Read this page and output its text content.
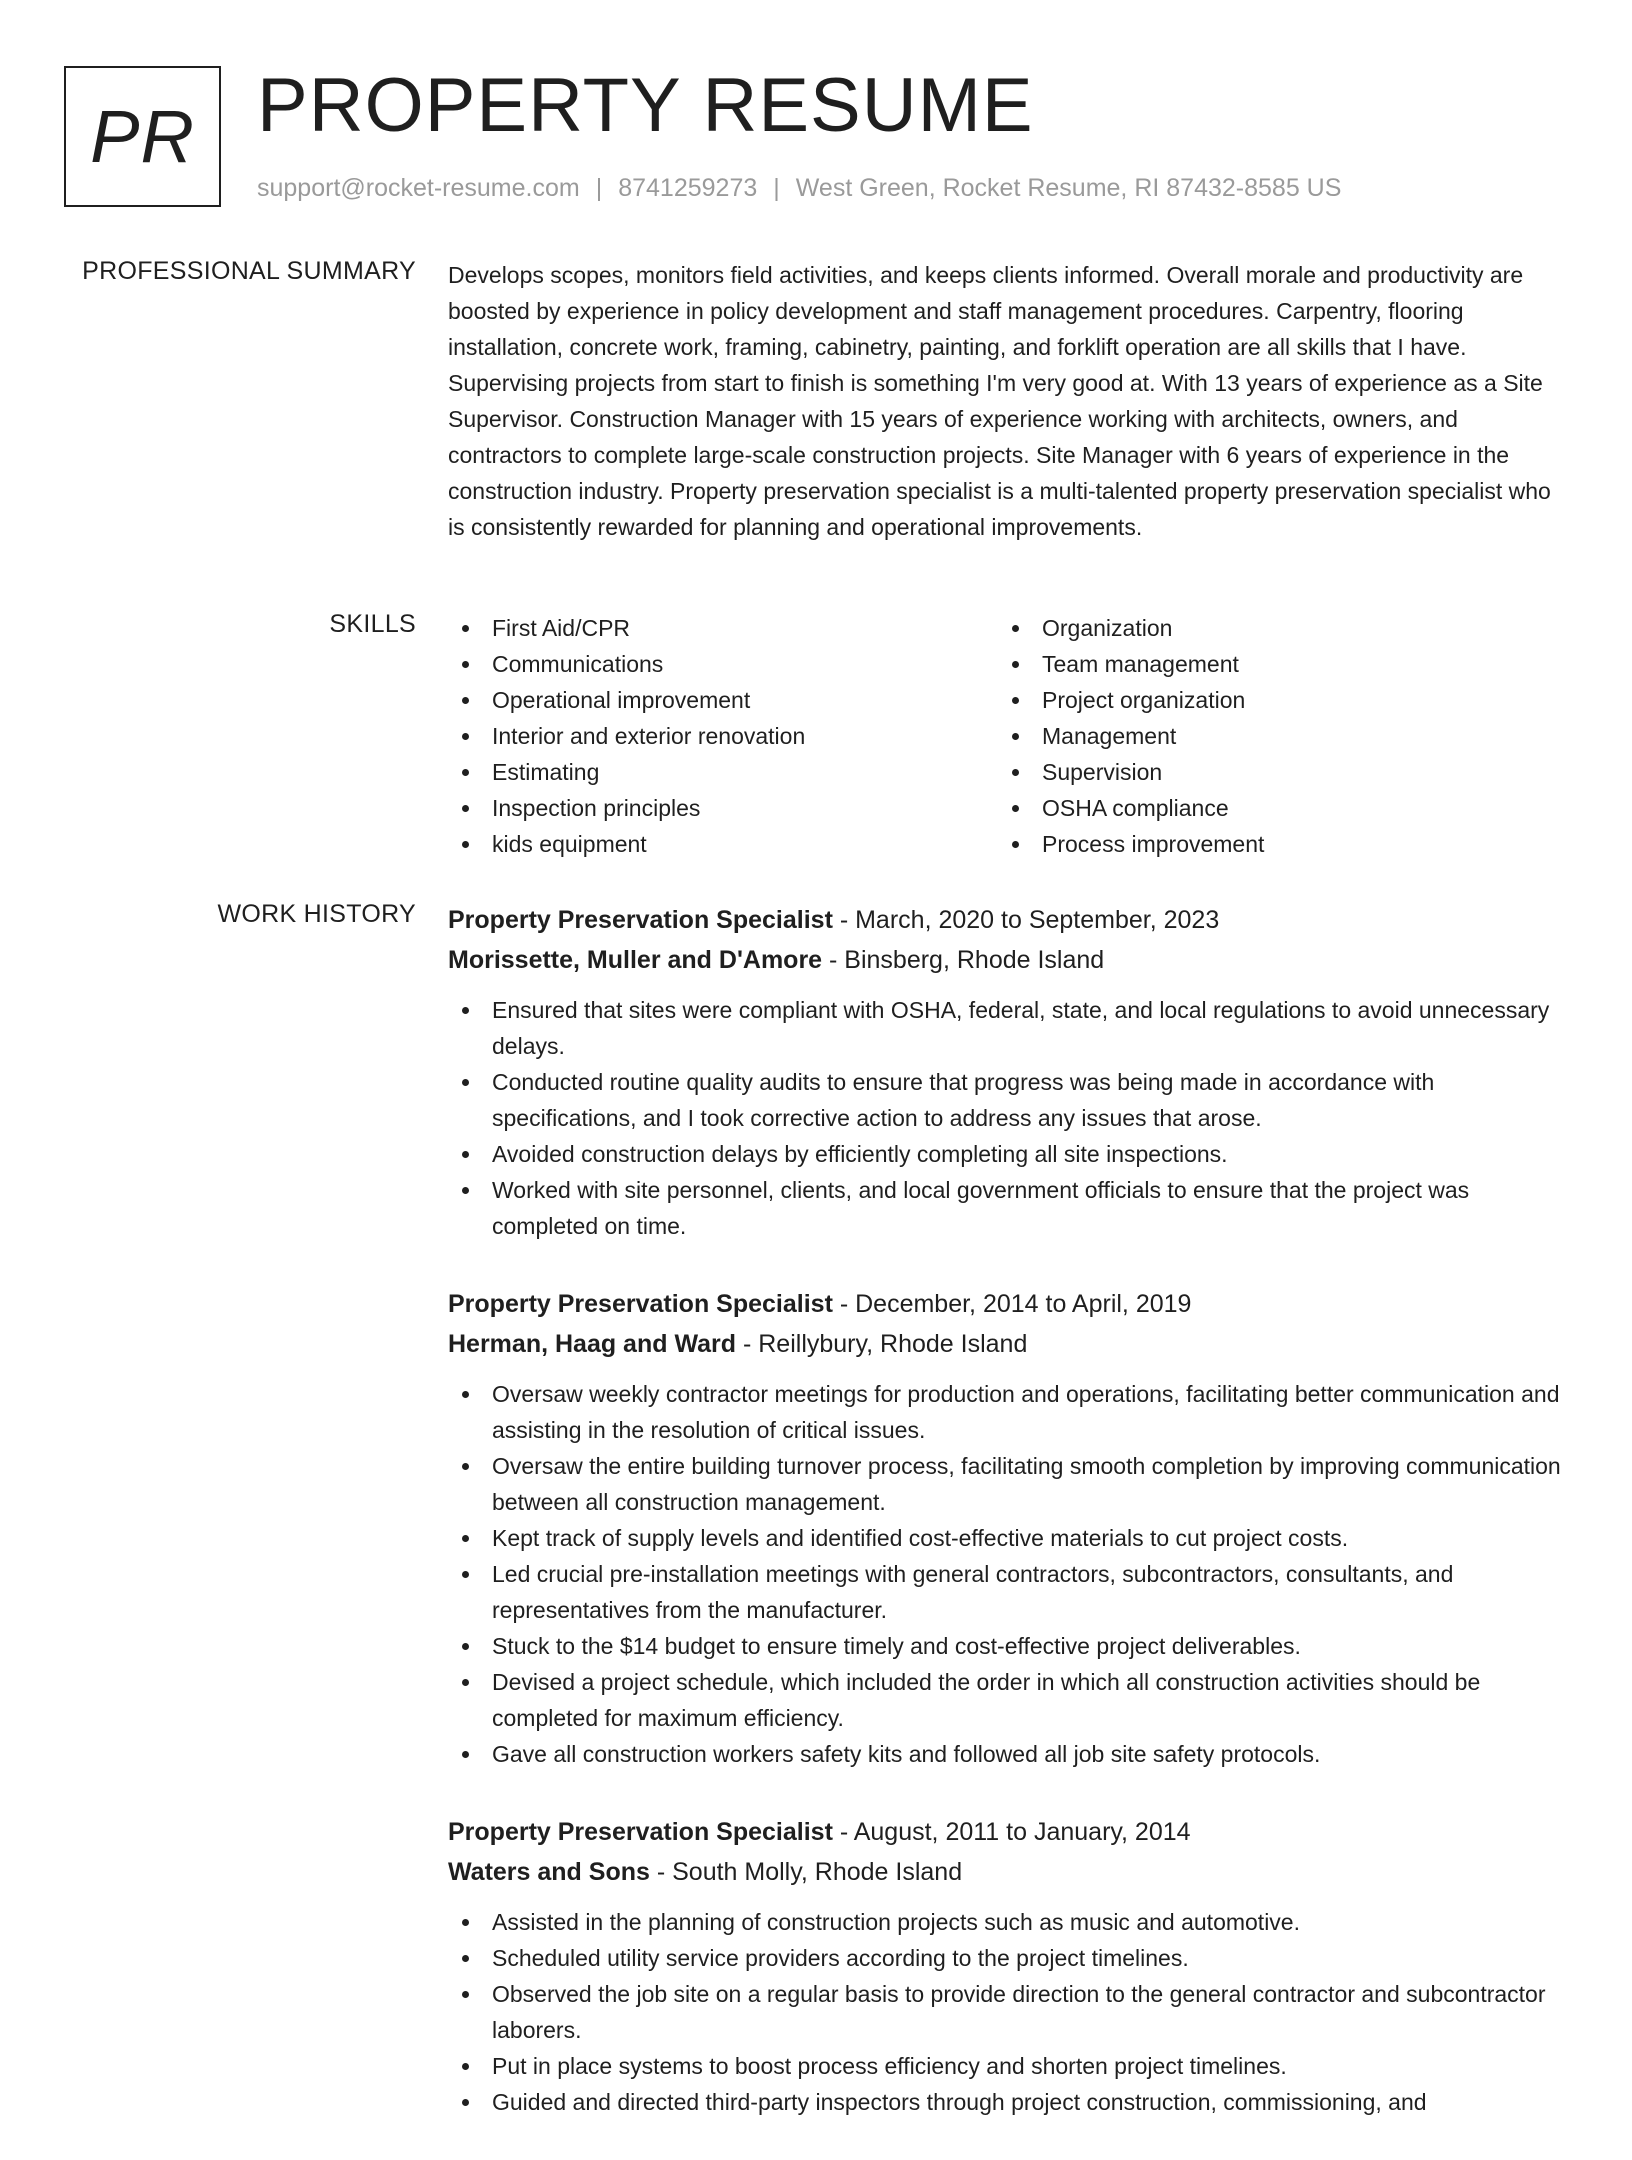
PR PROPERTY RESUME
support@rocket-resume.com | 8741259273 | West Green, Rocket Resume, RI 87432-8585 US
PROFESSIONAL SUMMARY Develops scopes, monitors field activities, and keeps clients informed. Overall morale and productivity are boosted by experience in policy development and staff management procedures. Carpentry, flooring installation, concrete work, framing, cabinetry, painting, and forklift operation are all skills that I have. Supervising projects from start to finish is something I'm very good at. With 13 years of experience as a Site Supervisor. Construction Manager with 15 years of experience working with architects, owners, and contractors to complete large-scale construction projects. Site Manager with 6 years of experience in the construction industry. Property preservation specialist is a multi-talented property preservation specialist who is consistently rewarded for planning and operational improvements.

SKILLS	First Aid/CPR
Communications
Operational improvement
Interior and exterior renovation
Estimating
Inspection principles
kids equipment
Organization
Team management
Project organization
Management
Supervision
OSHA compliance
Process improvement
WORK HISTORY Property Preservation Specialist - March, 2020 to September, 2023
Morissette, Muller and D'Amore - Binsberg, Rhode Island
Ensured that sites were compliant with OSHA, federal, state, and local regulations to avoid unnecessary delays.
Conducted routine quality audits to ensure that progress was being made in accordance with specifications, and I took corrective action to address any issues that arose.
Avoided construction delays by efficiently completing all site inspections.
Worked with site personnel, clients, and local government officials to ensure that the project was completed on time.
Property Preservation Specialist - December, 2014 to April, 2019
Herman, Haag and Ward - Reillybury, Rhode Island
Oversaw weekly contractor meetings for production and operations, facilitating better communication and assisting in the resolution of critical issues.
Oversaw the entire building turnover process, facilitating smooth completion by improving communication between all construction management.
Kept track of supply levels and identified cost-effective materials to cut project costs.
Led crucial pre-installation meetings with general contractors, subcontractors, consultants, and representatives from the manufacturer.
Stuck to the $14 budget to ensure timely and cost-effective project deliverables.
Devised a project schedule, which included the order in which all construction activities should be completed for maximum efficiency.
Gave all construction workers safety kits and followed all job site safety protocols.
Property Preservation Specialist - August, 2011 to January, 2014
Waters and Sons - South Molly, Rhode Island
Assisted in the planning of construction projects such as music and automotive.
Scheduled utility service providers according to the project timelines.
Observed the job site on a regular basis to provide direction to the general contractor and subcontractor laborers.
Put in place systems to boost process efficiency and shorten project timelines.
Guided and directed third-party inspectors through project construction, commissioning, and
